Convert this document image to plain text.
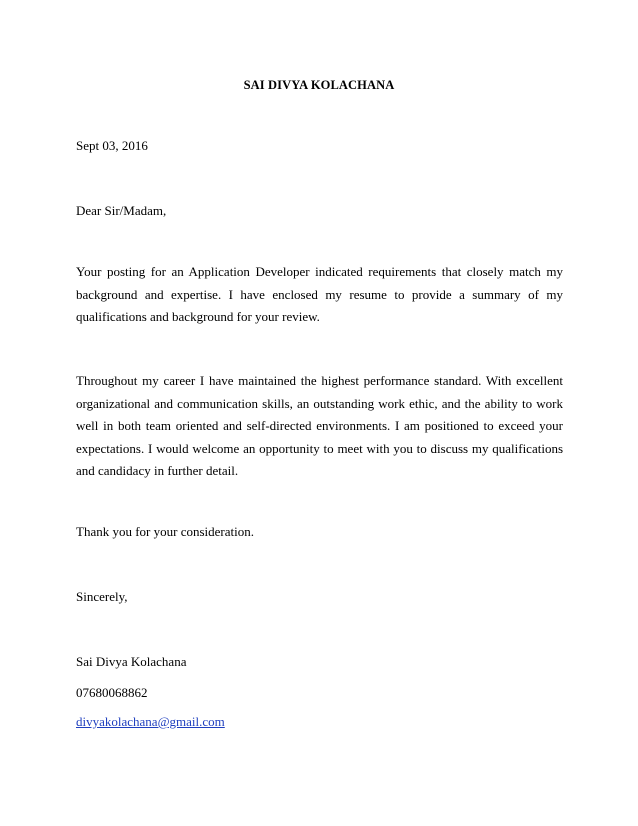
SAI DIVYA KOLACHANA
Sept 03, 2016
Dear Sir/Madam,
Your posting for an Application Developer indicated requirements that closely match my background and expertise. I have enclosed my resume to provide a summary of my qualifications and background for your review.
Throughout my career I have maintained the highest performance standard. With excellent organizational and communication skills, an outstanding work ethic, and the ability to work well in both team oriented and self-directed environments. I am positioned to exceed your expectations. I would welcome an opportunity to meet with you to discuss my qualifications and candidacy in further detail.
Thank you for your consideration.
Sincerely,
Sai Divya Kolachana
07680068862
divyakolachana@gmail.com
